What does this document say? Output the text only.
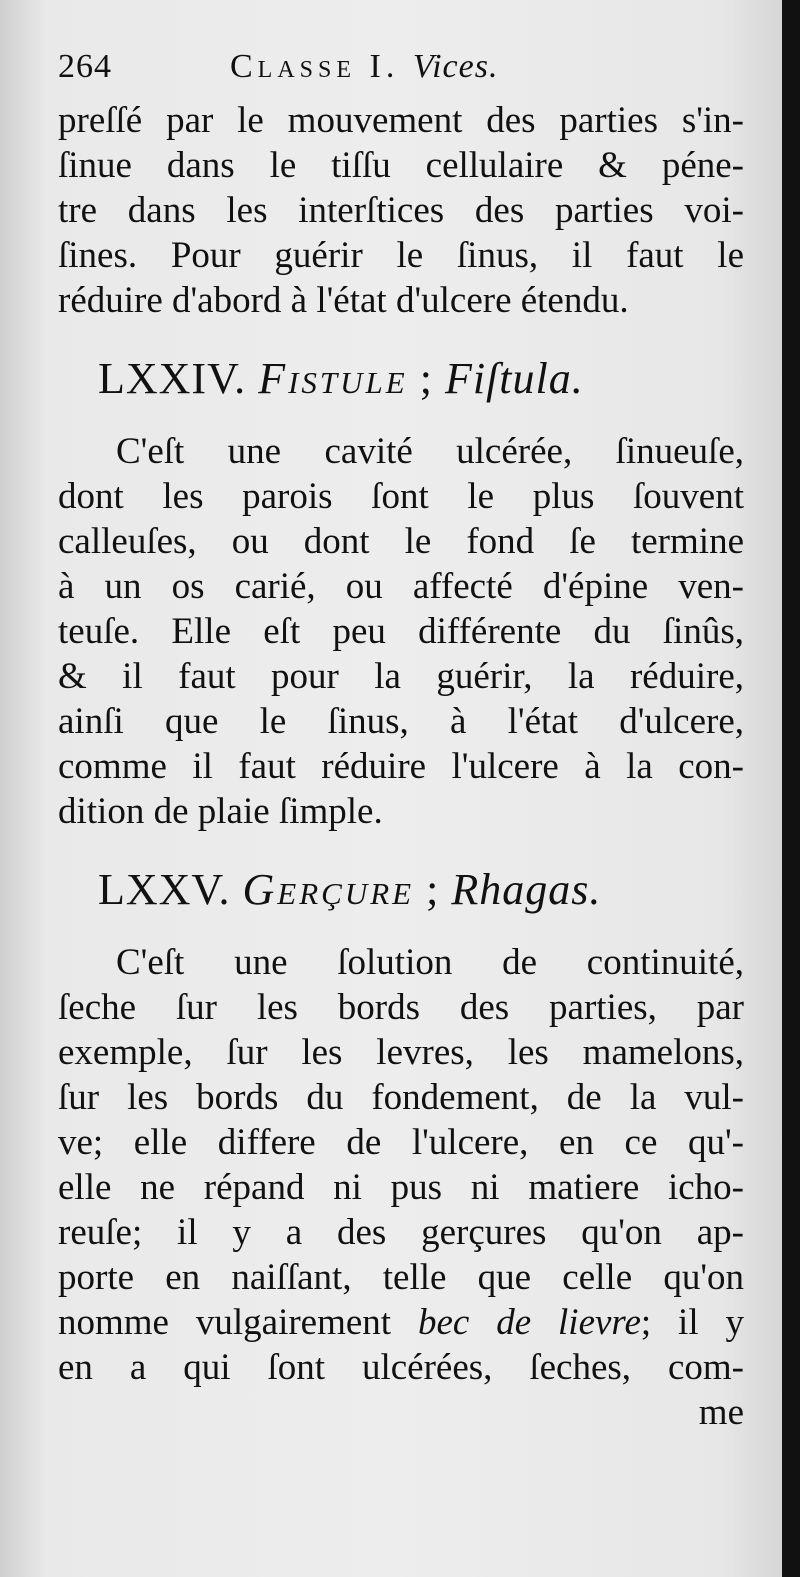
264	Classe I. Vices.
preſſé par le mouvement des parties s'in-
ſinue dans le tiſſu cellulaire & péne-
tre dans les interſtices des parties voi-
ſines. Pour guérir le ſinus, il faut le
réduire d'abord à l'état d'ulcere étendu.
LXXIV. Fistule ; Fiſtula.
C'eſt une cavité ulcérée, ſinueuſe,
dont les parois ſont le plus ſouvent
calleuſes, ou dont le fond ſe termine
à un os carié, ou affecté d'épine ven-
teuſe. Elle eſt peu différente du ſinûs,
& il faut pour la guérir, la réduire,
ainſi que le ſinus, à l'état d'ulcere,
comme il faut réduire l'ulcere à la con-
dition de plaie ſimple.
LXXV. Gerçure ; Rhagas.
C'eſt une ſolution de continuité,
ſeche ſur les bords des parties, par
exemple, ſur les levres, les mamelons,
ſur les bords du fondement, de la vul-
ve; elle differe de l'ulcere, en ce qu'-
elle ne répand ni pus ni matiere icho-
reuſe; il y a des gerçures qu'on ap-
porte en naiſſant, telle que celle qu'on
nomme vulgairement bec de lievre; il y
en a qui ſont ulcérées, ſeches, com-
me
